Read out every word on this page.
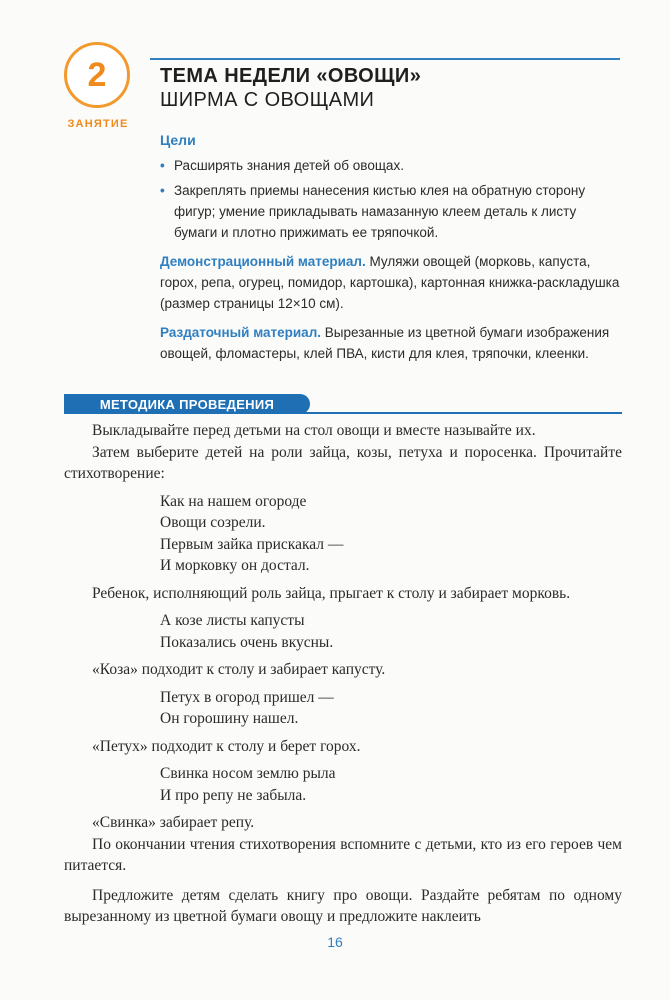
2
ЗАНЯТИЕ
ТЕМА НЕДЕЛИ «ОВОЩИ»
ШИРМА С ОВОЩАМИ
Цели
• Расширять знания детей об овощах.
• Закреплять приемы нанесения кистью клея на обратную сторону фигур; умение прикладывать намазанную клеем деталь к листу бумаги и плотно прижимать ее тряпочкой.
Демонстрационный материал. Муляжи овощей (морковь, капуста, горох, репа, огурец, помидор, картошка), картонная книжка-раскладушка (размер страницы 12×10 см).
Раздаточный материал. Вырезанные из цветной бумаги изображения овощей, фломастеры, клей ПВА, кисти для клея, тряпочки, клеенки.
МЕТОДИКА ПРОВЕДЕНИЯ

Выкладывайте перед детьми на стол овощи и вместе называйте их.

Затем выберите детей на роли зайца, козы, петуха и поросенка. Прочитайте стихотворение:

Как на нашем огороде
Овощи созрели.
Первым зайка прискакал —
И морковку он достал.

Ребенок, исполняющий роль зайца, прыгает к столу и забирает морковь.

А козе листы капусты
Показались очень вкусны.

«Коза» подходит к столу и забирает капусту.

Петух в огород пришел —
Он горошину нашел.

«Петух» подходит к столу и берет горох.

Свинка носом землю рыла
И про репу не забыла.

«Свинка» забирает репу.

По окончании чтения стихотворения вспомните с детьми, кто из его героев чем питается.

Предложите детям сделать книгу про овощи. Раздайте ребятам по одному вырезанному из цветной бумаги овощу и предложите наклеить

16
